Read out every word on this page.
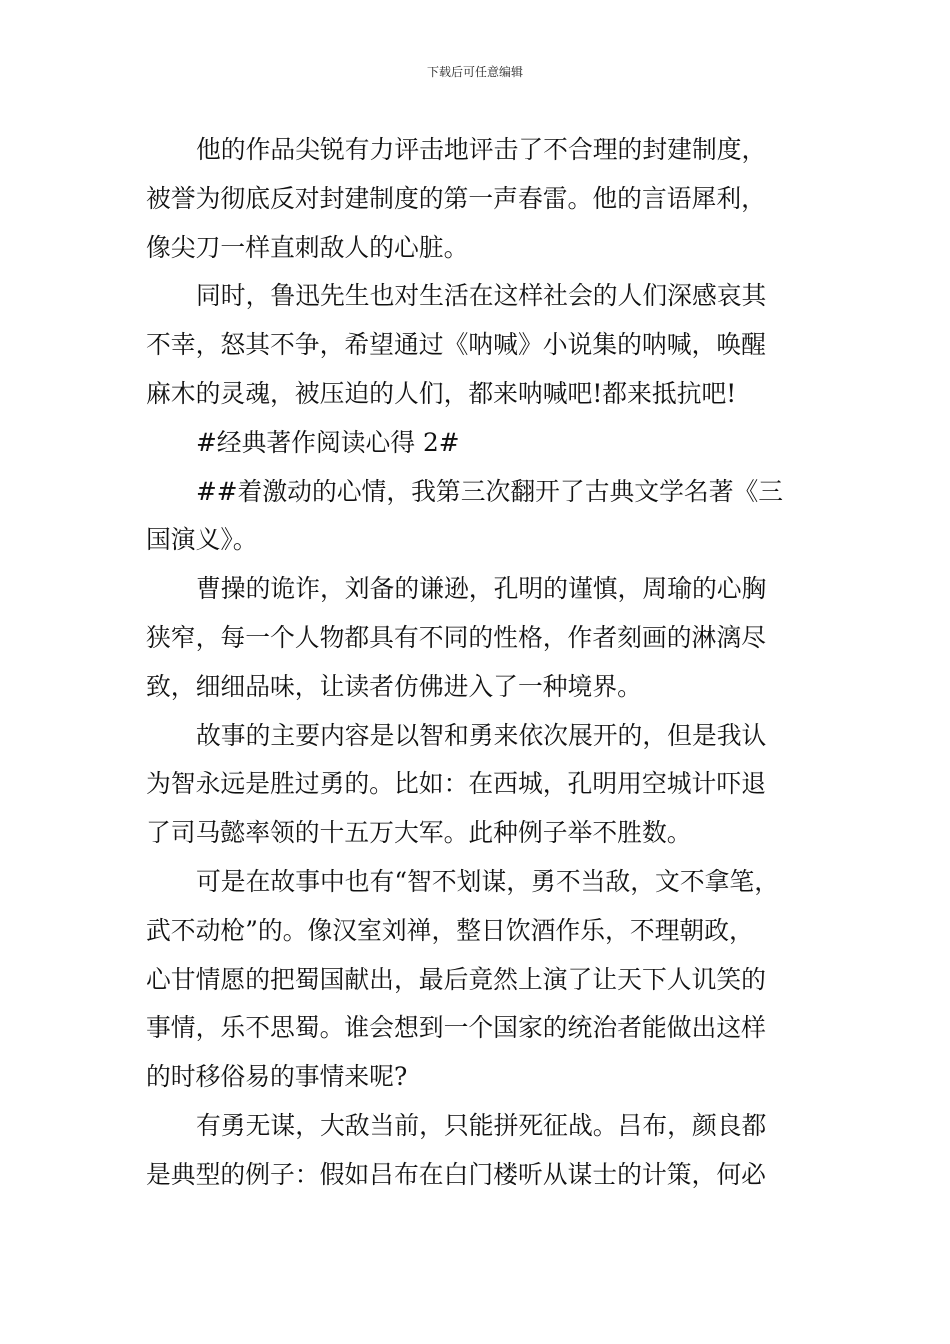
下载后可任意编辑
他的作品尖锐有力评击地评击了不合理的封建制度，
被誉为彻底反对封建制度的第一声春雷。他的言语犀利，
像尖刀一样直刺敌人的心脏。
同时，鲁迅先生也对生活在这样社会的人们深感哀其
不幸，怒其不争，希望通过《呐喊》小说集的呐喊，唤醒
麻木的灵魂，被压迫的人们，都来呐喊吧!都来抵抗吧!
#经典著作阅读心得 2#
##着激动的心情，我第三次翻开了古典文学名著《三
国演义》。
曹操的诡诈，刘备的谦逊，孔明的谨慎，周瑜的心胸
狭窄，每一个人物都具有不同的性格，作者刻画的淋漓尽
致，细细品味，让读者仿佛进入了一种境界。
故事的主要内容是以智和勇来依次展开的，但是我认
为智永远是胜过勇的。比如：在西城，孔明用空城计吓退
了司马懿率领的十五万大军。此种例子举不胜数。
可是在故事中也有“智不划谋，勇不当敌，文不拿笔，
武不动枪”的。像汉室刘禅，整日饮酒作乐，不理朝政，
心甘情愿的把蜀国献出，最后竟然上演了让天下人讥笑的
事情，乐不思蜀。谁会想到一个国家的统治者能做出这样
的时移俗易的事情来呢?
有勇无谋，大敌当前，只能拼死征战。吕布，颜良都
是典型的例子：假如吕布在白门楼听从谋士的计策，何必
